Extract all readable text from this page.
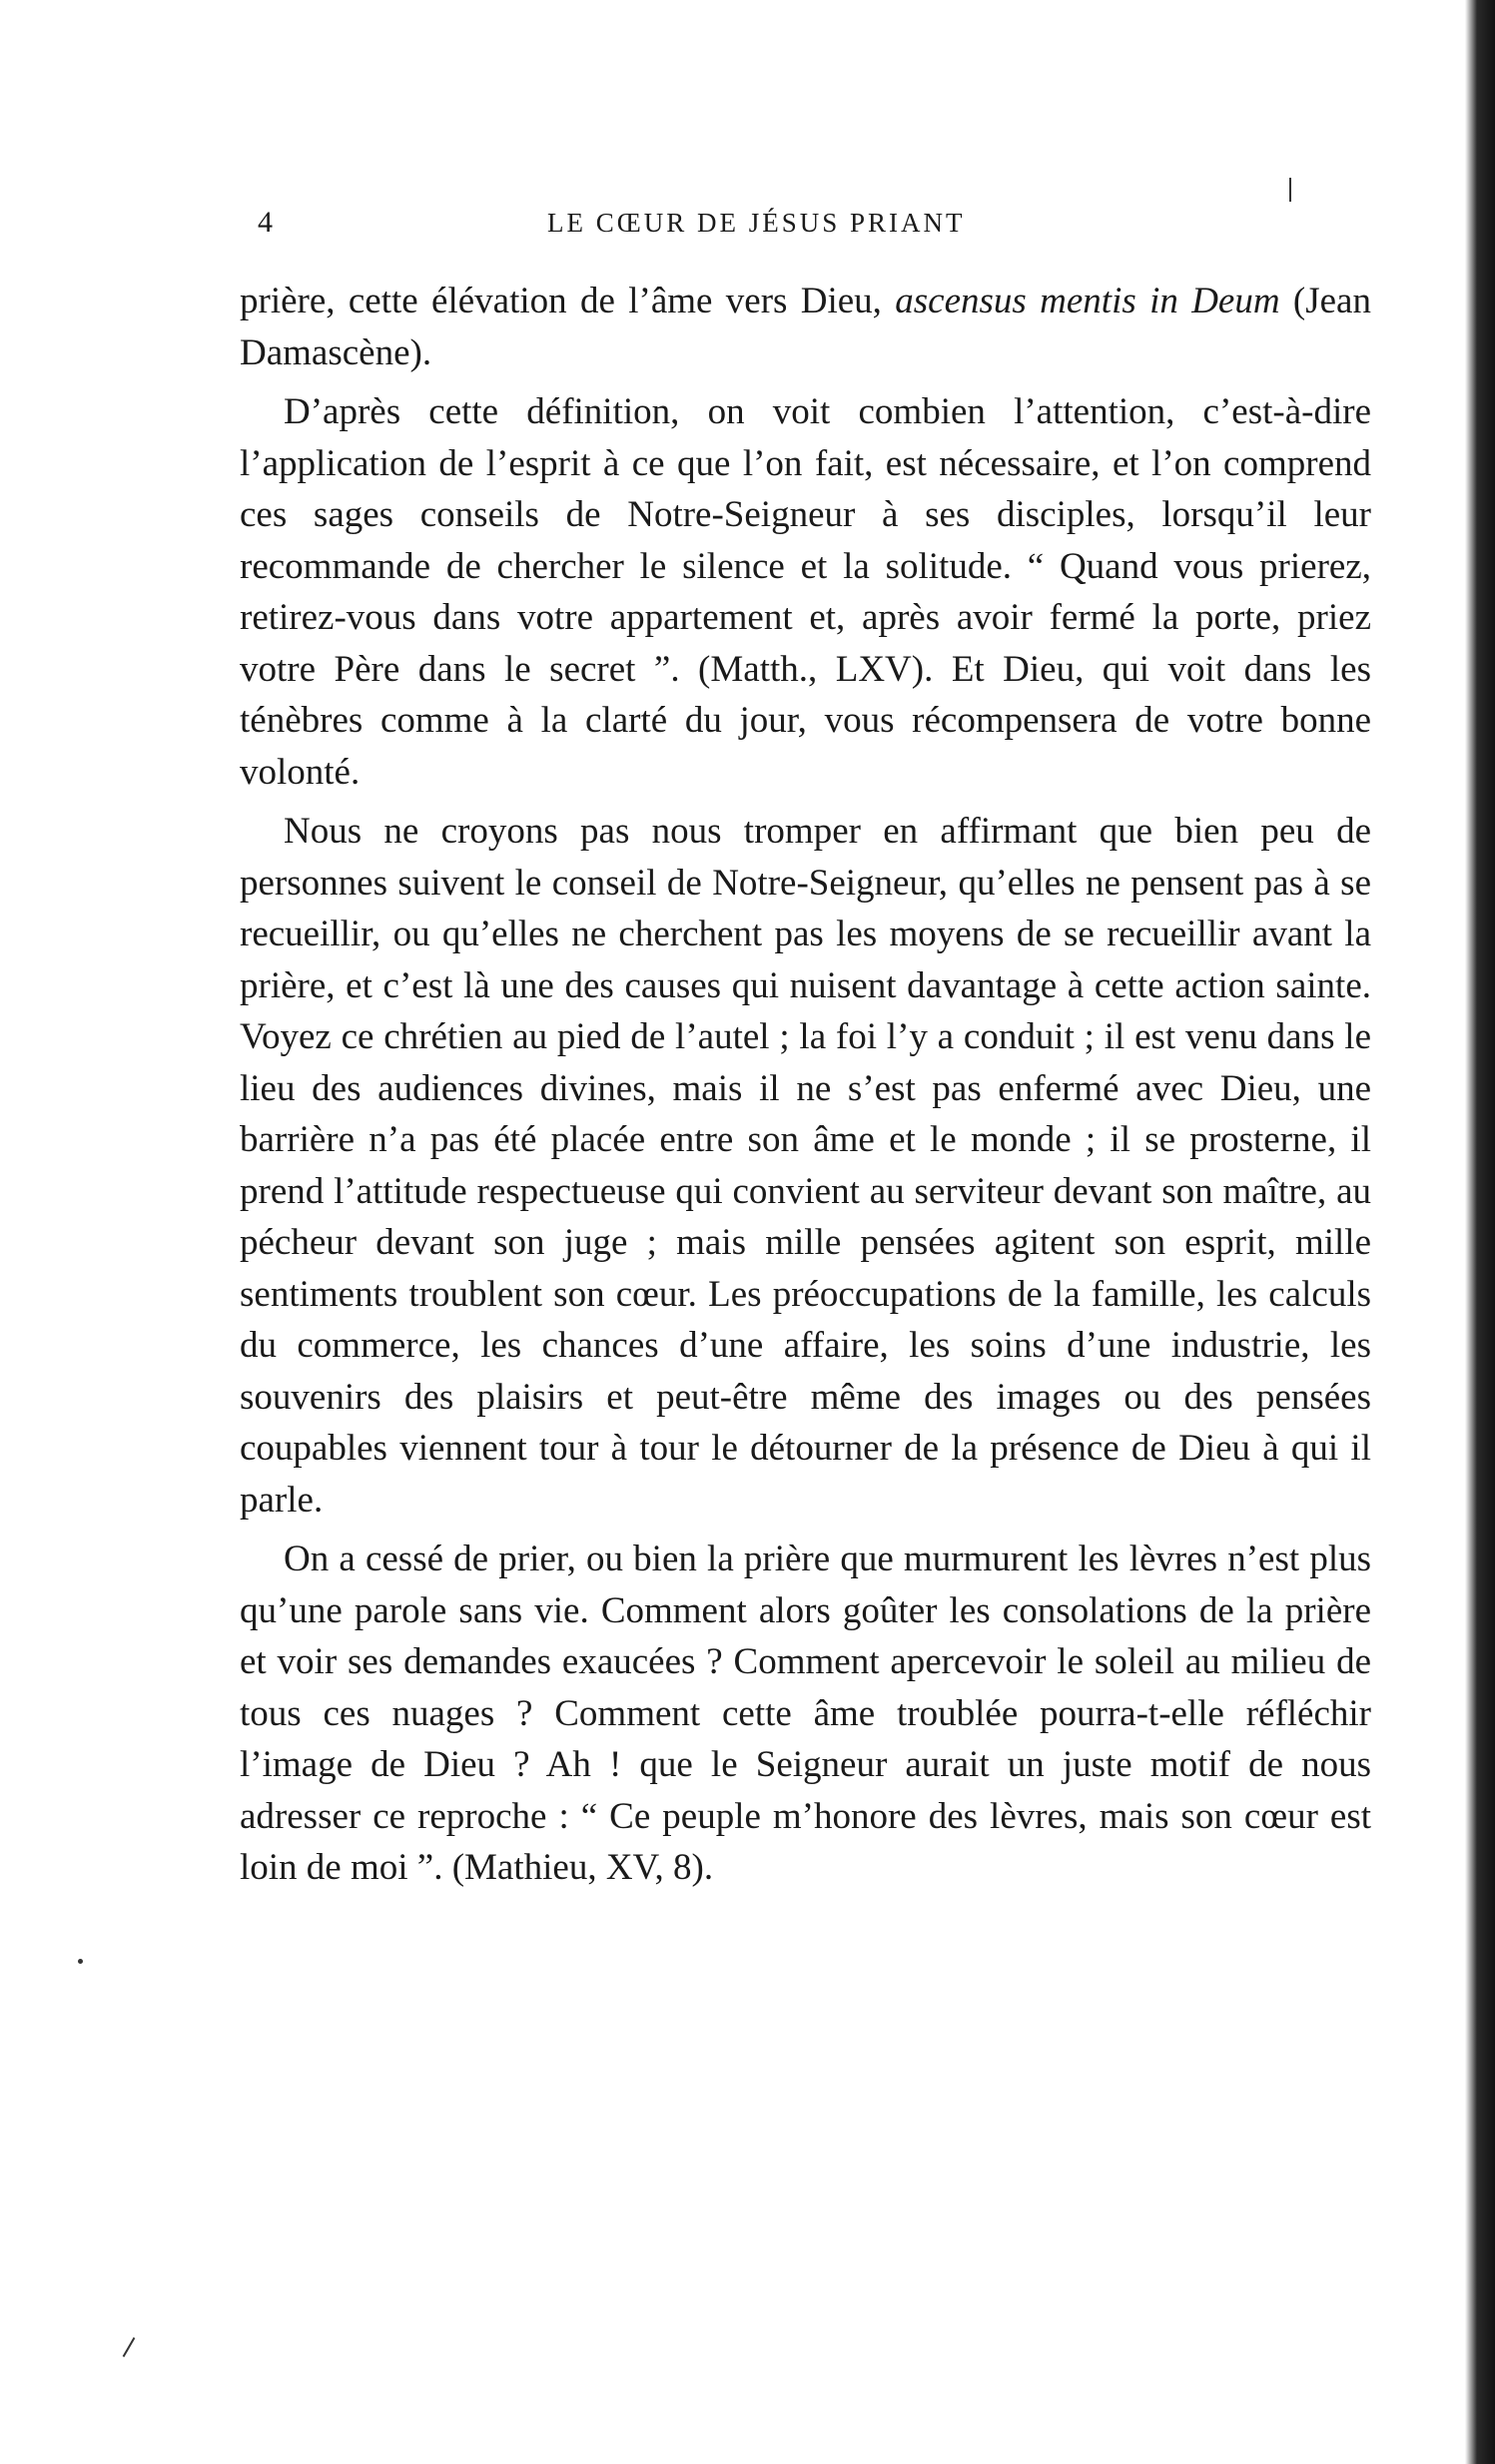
4	LE CŒUR DE JÉSUS PRIANT

prière, cette élévation de l’âme vers Dieu, ascensus mentis in Deum (Jean Damascène).

D’après cette définition, on voit combien l’attention, c’est-à-dire l’application de l’esprit à ce que l’on fait, est nécessaire, et l’on comprend ces sages conseils de Notre-Seigneur à ses disciples, lorsqu’il leur recommande de chercher le silence et la solitude. “ Quand vous prierez, retirez-vous dans votre appartement et, après avoir fermé la porte, priez votre Père dans le secret ”. (Matth., LXV). Et Dieu, qui voit dans les ténèbres comme à la clarté du jour, vous récompensera de votre bonne volonté.

Nous ne croyons pas nous tromper en affirmant que bien peu de personnes suivent le conseil de Notre-Seigneur, qu’elles ne pensent pas à se recueillir, ou qu’elles ne cherchent pas les moyens de se recueillir avant la prière, et c’est là une des causes qui nuisent davantage à cette action sainte. Voyez ce chrétien au pied de l’autel ; la foi l’y a conduit ; il est venu dans le lieu des audiences divines, mais il ne s’est pas enfermé avec Dieu, une barrière n’a pas été placée entre son âme et le monde ; il se prosterne, il prend l’attitude respectueuse qui convient au serviteur devant son maître, au pécheur devant son juge ; mais mille pensées agitent son esprit, mille sentiments troublent son cœur. Les préoccupations de la famille, les calculs du commerce, les chances d’une affaire, les soins d’une industrie, les souvenirs des plaisirs et peut-être même des images ou des pensées coupables viennent tour à tour le détourner de la présence de Dieu à qui il parle.

On a cessé de prier, ou bien la prière que murmurent les lèvres n’est plus qu’une parole sans vie. Comment alors goûter les consolations de la prière et voir ses demandes exaucées ? Comment apercevoir le soleil au milieu de tous ces nuages ? Comment cette âme troublée pourra-t-elle réfléchir l’image de Dieu ? Ah ! que le Seigneur aurait un juste motif de nous adresser ce reproche : “ Ce peuple m’honore des lèvres, mais son cœur est loin de moi ”. (Mathieu, XV, 8).
